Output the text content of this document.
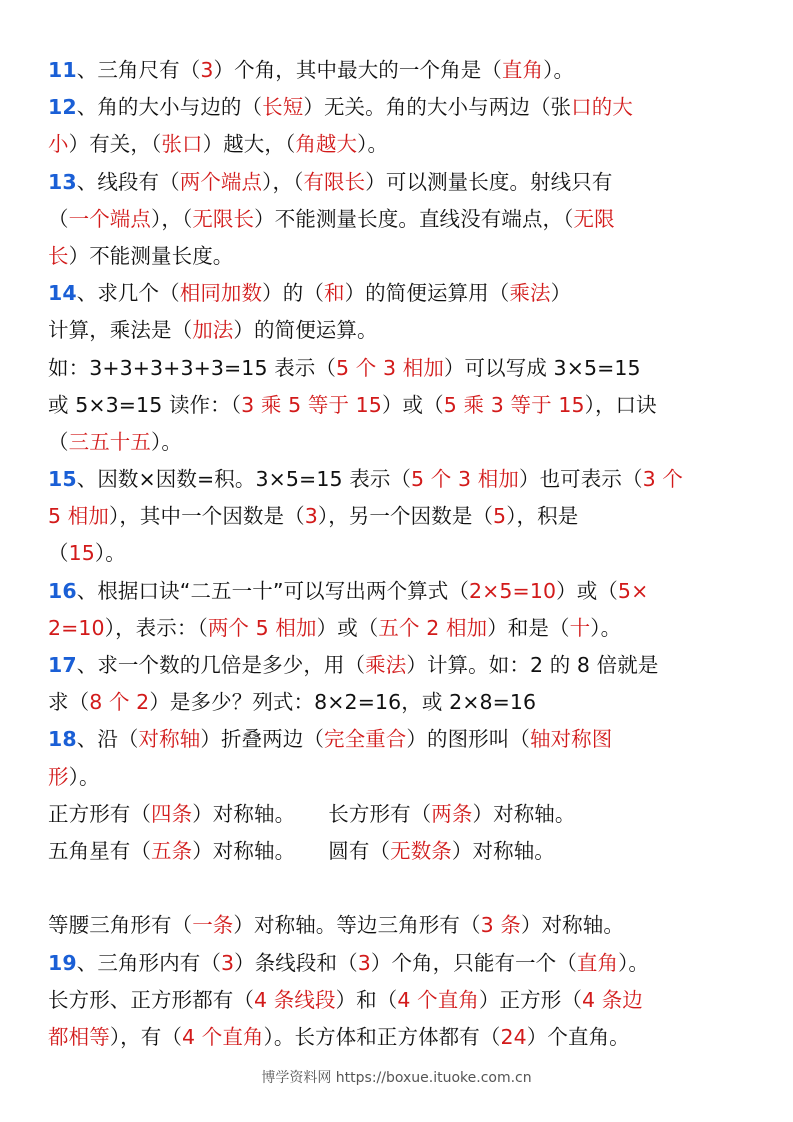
11、三角尺有（3）个角，其中最大的一个角是（直角）。
12、角的大小与边的（长短）无关。角的大小与两边（张口的大
小）有关，（张口）越大，（角越大）。
13、线段有（两个端点），（有限长）可以测量长度。射线只有
（一个端点），（无限长）不能测量长度。直线没有端点，（无限
长）不能测量长度。
14、求几个（相同加数）的（和）的简便运算用（乘法）
计算，乘法是（加法）的简便运算。
如：3+3+3+3+3=15 表示（5 个 3 相加）可以写成 3×5=15
或 5×3=15 读作：（3 乘 5 等于 15）或（5 乘 3 等于 15），口诀
（三五十五）。
15、因数×因数=积。3×5=15 表示（5 个 3 相加）也可表示（3 个
5 相加），其中一个因数是（3），另一个因数是（5），积是
（15）。
16、根据口诀“二五一十”可以写出两个算式（2×5=10）或（5×
2=10），表示：（两个 5 相加）或（五个 2 相加）和是（十）。
17、求一个数的几倍是多少，用（乘法）计算。如：2 的 8 倍就是
求（8 个 2）是多少？列式：8×2=16，或 2×8=16
18、沿（对称轴）折叠两边（完全重合）的图形叫（轴对称图
形）。
正方形有（四条）对称轴。     长方形有（两条）对称轴。
五角星有（五条）对称轴。     圆有（无数条）对称轴。
等腰三角形有（一条）对称轴。等边三角形有（3 条）对称轴。
19、三角形内有（3）条线段和（3）个角，只能有一个（直角）。
长方形、正方形都有（4 条线段）和（4 个直角）正方形（4 条边
都相等），有（4 个直角）。长方体和正方体都有（24）个直角。
博学资料网 https://boxue.ituoke.com.cn
